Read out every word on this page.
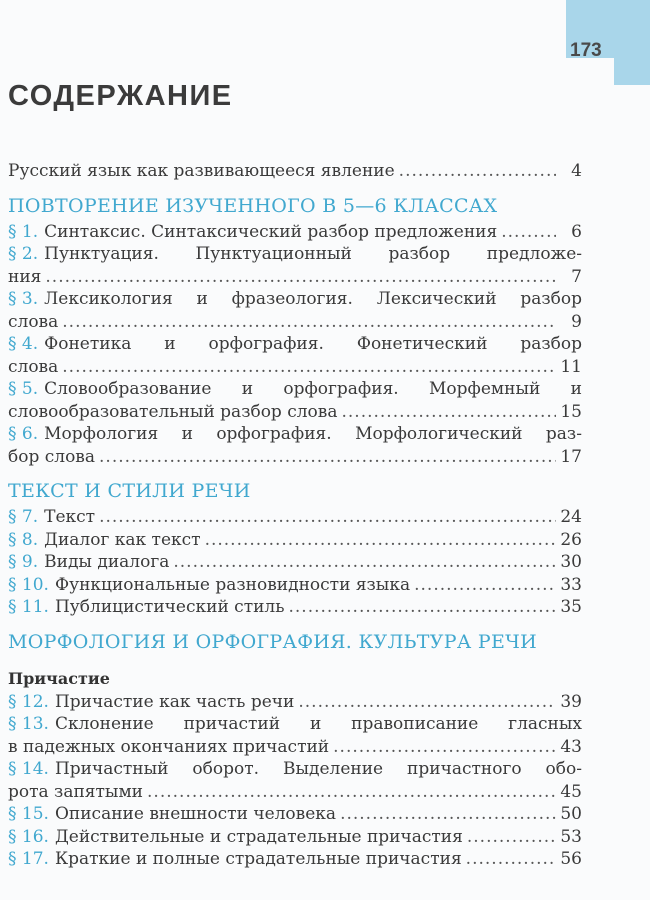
173
СОДЕРЖАНИЕ
Русский язык как развивающееся явление .....	4
ПОВТОРЕНИЕ ИЗУЧЕННОГО В 5—6 КЛАССАХ
§ 1. Синтаксис. Синтаксический разбор предложения .....	6
§ 2. Пунктуация. Пунктуационный разбор предложе-
ния .....	7
§ 3. Лексикология и фразеология. Лексический разбор
слова .....	9
§ 4. Фонетика и орфография. Фонетический разбор
слова .....	11
§ 5. Словообразование и орфография. Морфемный и
словообразовательный разбор слова .....	15
§ 6. Морфология и орфография. Морфологический раз-
бор слова .....	17
ТЕКСТ И СТИЛИ РЕЧИ
§ 7. Текст .....	24
§ 8. Диалог как текст .....	26
§ 9. Виды диалога .....	30
§ 10. Функциональные разновидности языка .....	33
§ 11. Публицистический стиль .....	35
МОРФОЛОГИЯ И ОРФОГРАФИЯ. КУЛЬТУРА РЕЧИ
Причастие
§ 12. Причастие как часть речи .....	39
§ 13. Склонение причастий и правописание гласных
в падежных окончаниях причастий .....	43
§ 14. Причастный оборот. Выделение причастного обо-
рота запятыми .....	45
§ 15. Описание внешности человека .....	50
§ 16. Действительные и страдательные причастия .....	53
§ 17. Краткие и полные страдательные причастия .....	56
